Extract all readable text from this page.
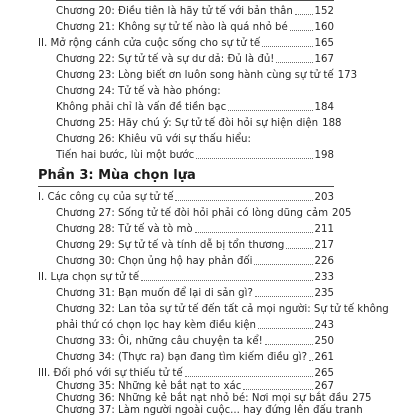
Chương 20: Điều tiên là hãy tử tế với bản thân 152
Chương 21: Không sự tử tế nào là quá nhỏ bé	160
II. Mở rộng cánh cửa cuộc sống cho sự tử tế	165
Chương 22: Sự tử tế và sự dư dả: Đủ là đủ!	167
Chương 23: Lòng biết ơn luôn song hành cùng sự tử tế 173
Chương 24: Tử tế và hào phóng:
Không phải chỉ là vấn đề tiền bạc	184
Chương 25: Hãy chú ý: Sự tử tế đòi hỏi sự hiện diện 188
Chương 26: Khiêu vũ với sự thấu hiểu:
Tiến hai bước, lùi một bước	198
Phần 3: Mùa chọn lựa
I. Các công cụ của sự tử tế	203
Chương 27: Sống tử tế đòi hỏi phải có lòng dũng cảm 205
Chương 28: Tử tế và tò mò	211
Chương 29: Sự tử tế và tính dễ bị tổn thương	217
Chương 30: Chọn ủng hộ hay phản đối	226
II. Lựa chọn sự tử tế	233
Chương 31: Bạn muốn để lại di sản gì?	235
Chương 32: Lan tỏa sự tử tế đến tất cả mọi người: Sự tử tế không
phải thứ có chọn lọc hay kèm điều kiện	243
Chương 33: Ôi, những câu chuyện ta kể!	250
Chương 34: (Thực ra) bạn đang tìm kiếm điều gì? 261
III. Đối phó với sự thiếu tử tế	265
Chương 35: Những kẻ bắt nạt to xác	267
Chương 36: Những kẻ bắt nạt nhỏ bé: Nơi mọi sự bắt đầu 275
Chương 37: Làm người ngoài cuộc... hay đứng lên đấu tranh
